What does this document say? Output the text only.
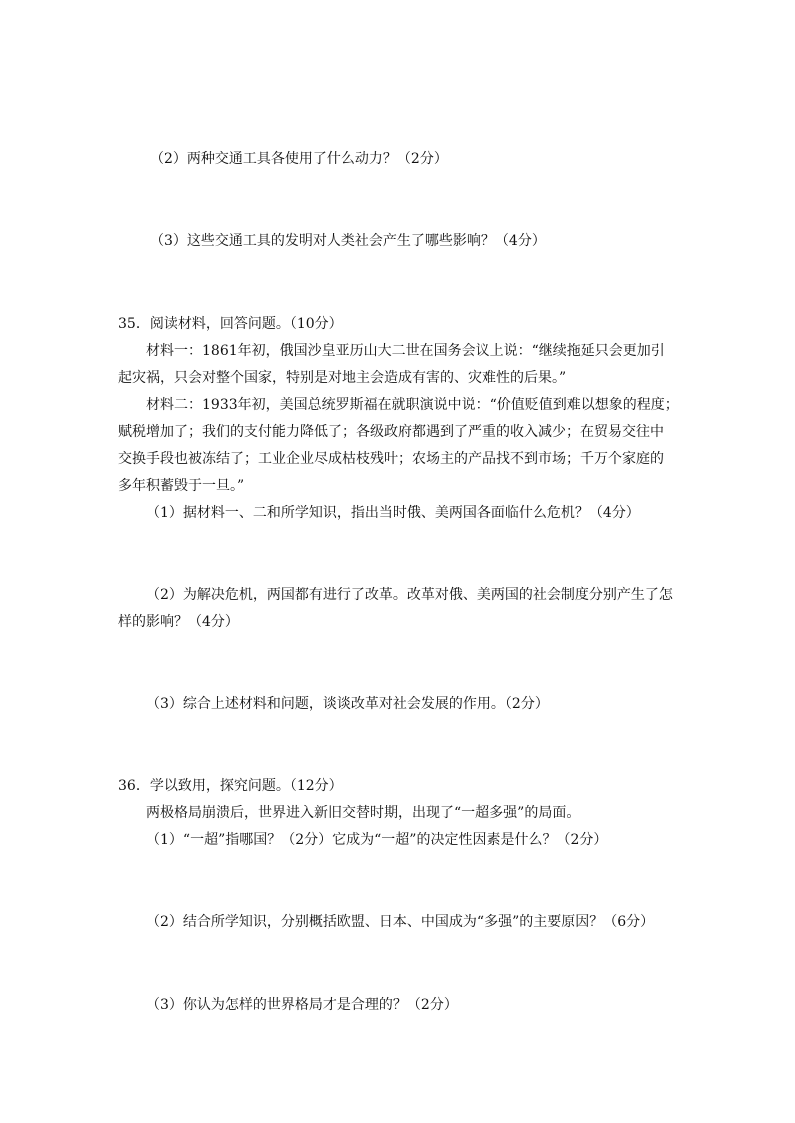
（2）两种交通工具各使用了什么动力？（2分）

（3）这些交通工具的发明对人类社会产生了哪些影响？（4分）

35．阅读材料，回答问题。（10分）

材料一：1861年初，俄国沙皇亚历山大二世在国务会议上说：“继续拖延只会更加引

起灾祸，只会对整个国家，特别是对地主会造成有害的、灾难性的后果。”

材料二：1933年初，美国总统罗斯福在就职演说中说：“价值贬值到难以想象的程度；

赋税增加了；我们的支付能力降低了；各级政府都遇到了严重的收入减少；在贸易交往中

交换手段也被冻结了；工业企业尽成枯枝残叶；农场主的产品找不到市场；千万个家庭的

多年积蓄毁于一旦。”

（1）据材料一、二和所学知识，指出当时俄、美两国各面临什么危机？（4分）

（2）为解决危机，两国都有进行了改革。改革对俄、美两国的社会制度分别产生了怎

样的影响？（4分）

（3）综合上述材料和问题，谈谈改革对社会发展的作用。（2分）

36．学以致用，探究问题。（12分）

两极格局崩溃后，世界进入新旧交替时期，出现了“一超多强”的局面。

（1）“一超”指哪国？（2分）它成为“一超”的决定性因素是什么？（2分）

（2）结合所学知识，分别概括欧盟、日本、中国成为“多强”的主要原因？（6分）

（3）你认为怎样的世界格局才是合理的？（2分）
